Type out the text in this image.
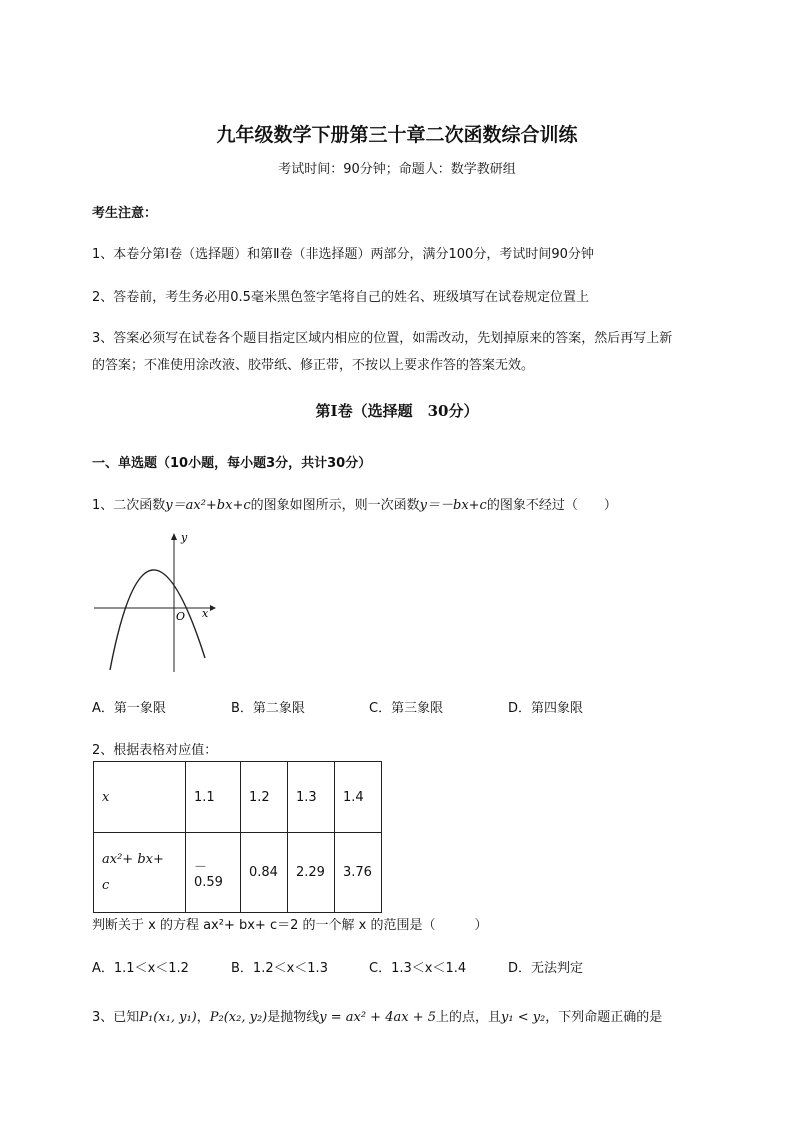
九年级数学下册第三十章二次函数综合训练
考试时间：90分钟；命题人：数学教研组
考生注意：
1、本卷分第Ⅰ卷（选择题）和第Ⅱ卷（非选择题）两部分，满分100分，考试时间90分钟
2、答卷前，考生务必用0.5毫米黑色签字笔将自己的姓名、班级填写在试卷规定位置上
3、答案必须写在试卷各个题目指定区域内相应的位置，如需改动，先划掉原来的答案，然后再写上新
的答案；不准使用涂改液、胶带纸、修正带，不按以上要求作答的答案无效。
第Ⅰ卷（选择题　30分）
一、单选题（10小题，每小题3分，共计30分）
1、二次函数y＝ax²+bx+c的图象如图所示，则一次函数y＝－bx+c的图象不经过（　　）
y
x
O
A．第一象限	B．第二象限	C．第三象限	D．第四象限
2、根据表格对应值：
x	1.1	1.2	1.3	1.4
ax²+ bx+
c	－0.59	0.84	2.29	3.76
判断关于 x 的方程 ax²+ bx+ c＝2 的一个解 x 的范围是（　　　）
A．1.1＜x＜1.2	B．1.2＜x＜1.3	C．1.3＜x＜1.4	D．无法判定
3、已知P₁(x₁, y₁)，P₂(x₂, y₂)是抛物线y = ax² + 4ax + 5上的点，且y₁ < y₂，下列命题正确的是
